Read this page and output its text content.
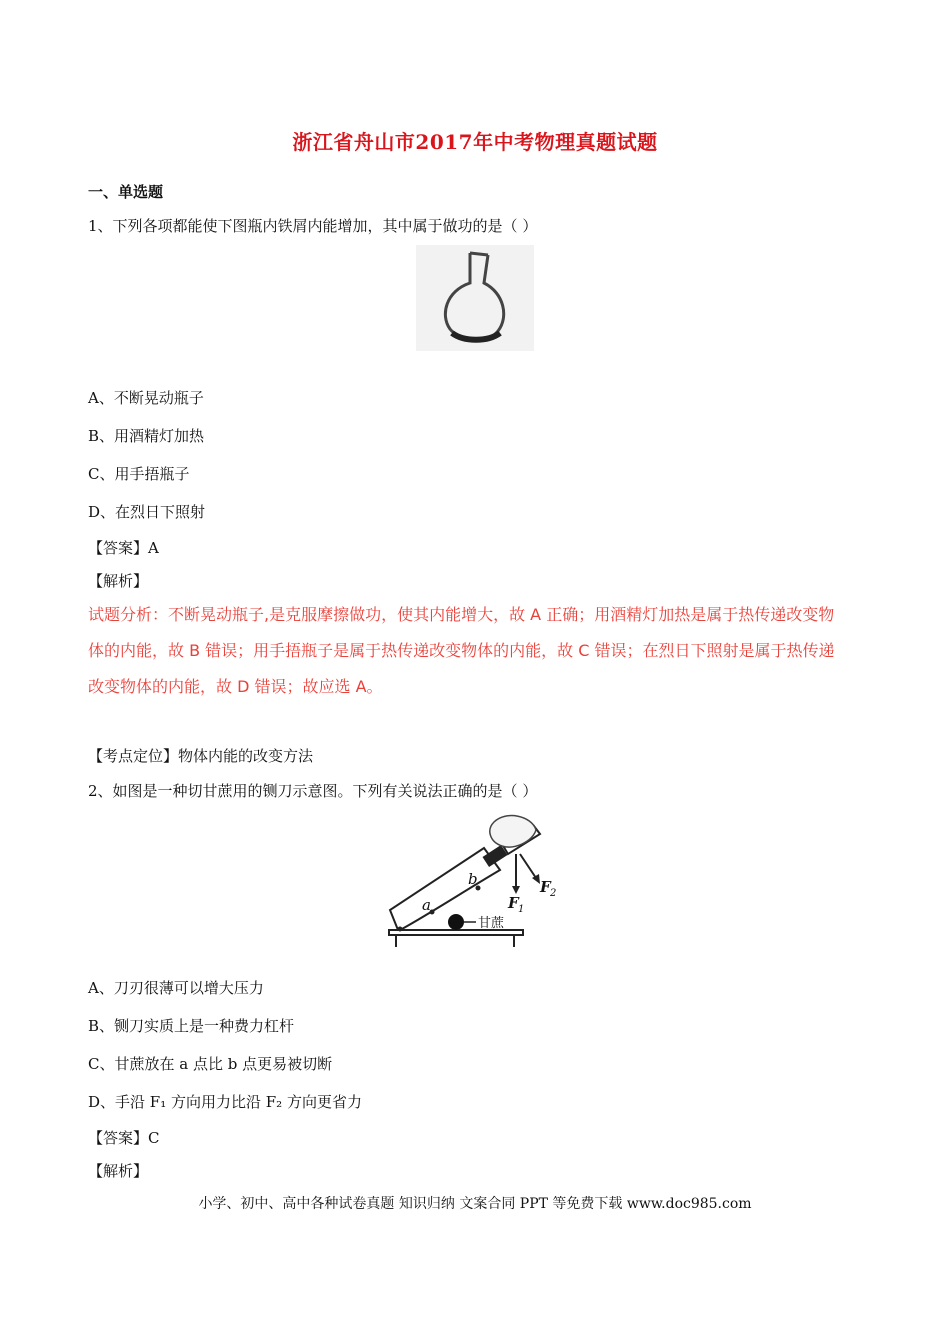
浙江省舟山市2017年中考物理真题试题
一、单选题
1、下列各项都能使下图瓶内铁屑内能增加，其中属于做功的是（ ）
A、不断晃动瓶子
B、用酒精灯加热
C、用手捂瓶子
D、在烈日下照射
【答案】A
【解析】
试题分析：不断晃动瓶子,是克服摩擦做功，使其内能增大，故 A 正确；用酒精灯加热是属于热传递改变物
体的内能，故 B 错误；用手捂瓶子是属于热传递改变物体的内能，故 C 错误；在烈日下照射是属于热传递
改变物体的内能，故 D 错误；故应选 A。
【考点定位】物体内能的改变方法
2、如图是一种切甘蔗用的铡刀示意图。下列有关说法正确的是（ ）
a
b
甘蔗
F 1
F 2
A、刀刃很薄可以增大压力
B、铡刀实质上是一种费力杠杆
C、甘蔗放在 a 点比 b 点更易被切断
D、手沿 F₁ 方向用力比沿 F₂ 方向更省力
【答案】C
【解析】
小学、初中、高中各种试卷真题 知识归纳 文案合同 PPT 等免费下载 www.doc985.com
